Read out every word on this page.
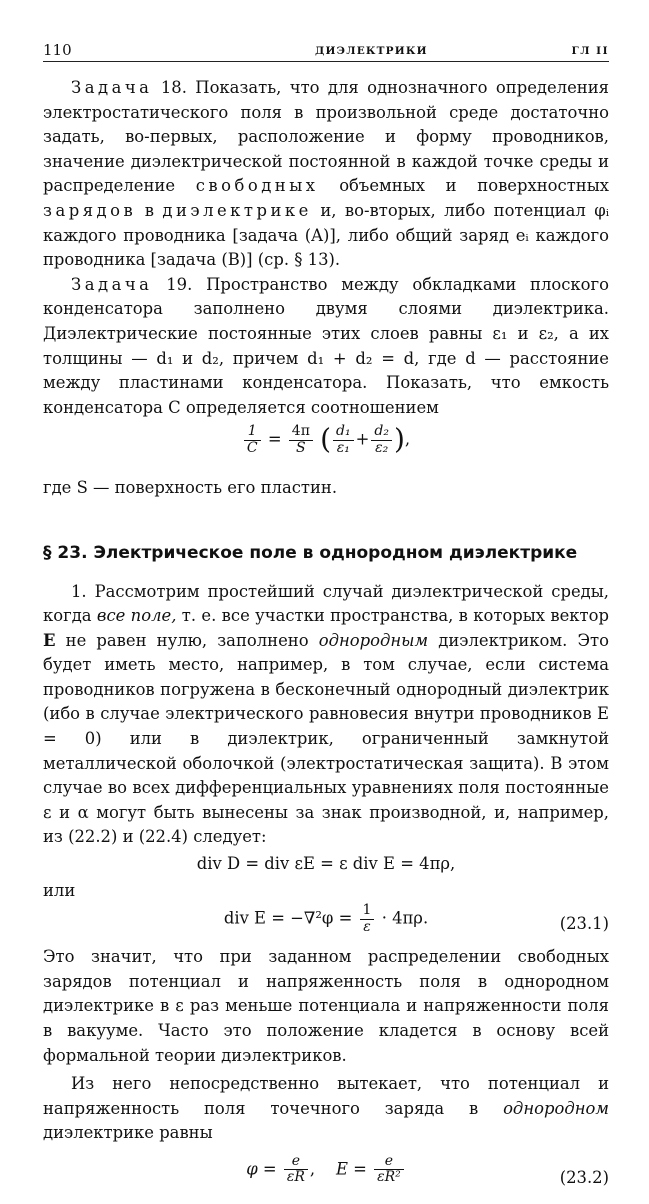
110	ДИЭЛЕКТРИКИ	ГЛ II

Задача 18. Показать, что для однозначного определения электростатического поля в произвольной среде достаточно задать, во-первых, расположение и форму проводников, значение диэлектрической постоянной в каждой точке среды и распределение свободных объемных и поверхностных зарядов в диэлектрике и, во-вторых, либо потенциал φᵢ каждого проводника [задача (A)], либо общий заряд eᵢ каждого проводника [задача (B)] (ср. § 13).

Задача 19. Пространство между обкладками плоского конденсатора заполнено двумя слоями диэлектрика. Диэлектрические постоянные этих слоев равны ε₁ и ε₂, а их толщины — d₁ и d₂, причем d₁ + d₂ = d, где d — расстояние между пластинами конденсатора. Показать, что емкость конденсатора C определяется соотношением

$\frac{1}{C} = \frac{4\pi}{S}$ ( $\frac{\text{d₁}}{\text{ε₁}} + \frac{\text{d₂}}{\text{ε₂}}$ ),

где S — поверхность его пластин.

§ 23. Электрическое поле в однородном диэлектрике

1. Рассмотрим простейший случай диэлектрической среды, когда все поле, т. е. все участки пространства, в которых вектор E не равен нулю, заполнено однородным диэлектриком. Это будет иметь место, например, в том случае, если система проводников погружена в бесконечный однородный диэлектрик (ибо в случае электрического равновесия внутри проводников E = 0) или в диэлектрик, ограниченный замкнутой металлической оболочкой (электростатическая защита). В этом случае во всех дифференциальных уравнениях поля постоянные ε и α могут быть вынесены за знак производной, и, например, из (22.2) и (22.4) следует:

div D = div εE = ε div E = 4πρ,

или

div $E = -\nabla^2\varphi = \frac{1}{\varepsilon} \cdot 4\pi\rho$.	(23.1)

Это значит, что при заданном распределении свободных зарядов потенциал и напряженность поля в однородном диэлектрике в ε раз меньше потенциала и напряженности поля в вакууме. Часто это положение кладется в основу всей формальной теории диэлектриков.

Из него непосредственно вытекает, что потенциал и напряженность поля точечного заряда в однородном диэлектрике равны

$\varphi = \frac{e}{\varepsilon R}$ , $E = \frac{e}{\text{εR²}}$	(23.2)
